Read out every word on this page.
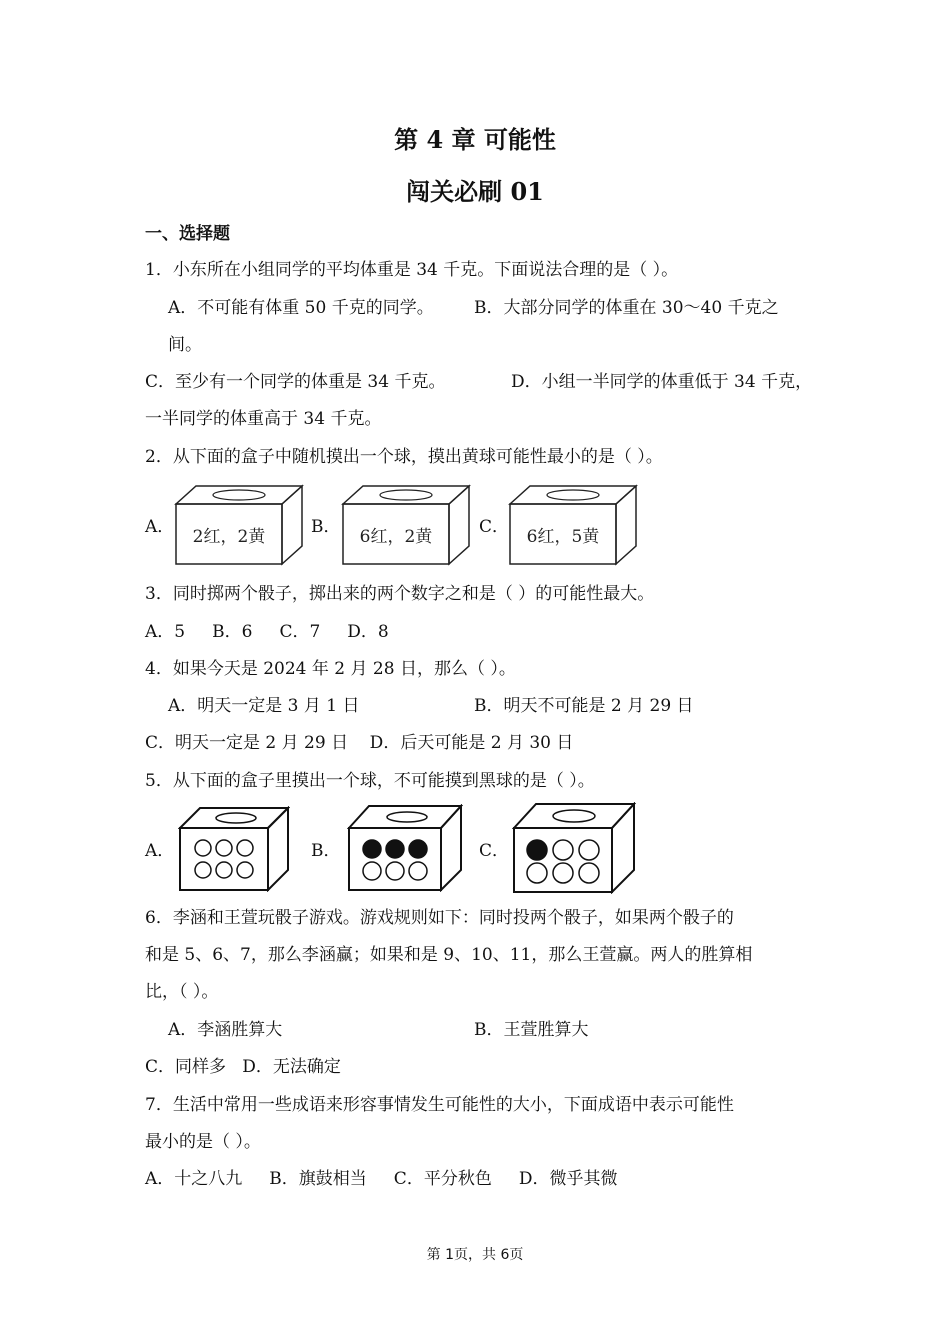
第 4 章 可能性
闯关必刷 01
一、选择题
1．小东所在小组同学的平均体重是 34 千克。下面说法合理的是（ ）。
A．不可能有体重 50 千克的同学。 B．大部分同学的体重在 30～40 千克之
间。
C．至少有一个同学的体重是 34 千克。	D．小组一半同学的体重低于 34 千克，
一半同学的体重高于 34 千克。
2．从下面的盒子中随机摸出一个球，摸出黄球可能性最小的是（ ）。
A． 2红，2黄	B． 6红，2黄	C． 6红，5黄
3．同时掷两个骰子，掷出来的两个数字之和是（ ）的可能性最大。
A．5     B．6     C．7     D．8
4．如果今天是 2024 年 2 月 28 日，那么（ ）。
A．明天一定是 3 月 1 日	B．明天不可能是 2 月 29 日
C．明天一定是 2 月 29 日    D．后天可能是 2 月 30 日
5．从下面的盒子里摸出一个球，不可能摸到黑球的是（ ）。
A．	B．	C．
6．李涵和王萱玩骰子游戏。游戏规则如下：同时投两个骰子，如果两个骰子的
和是 5、6、7，那么李涵赢；如果和是 9、10、11，那么王萱赢。两人的胜算相
比，（ ）。
A．李涵胜算大	B．王萱胜算大
C．同样多   D．无法确定
7．生活中常用一些成语来形容事情发生可能性的大小，下面成语中表示可能性
最小的是（ ）。
A．十之八九     B．旗鼓相当     C．平分秋色     D．微乎其微
第 1页，共 6页
